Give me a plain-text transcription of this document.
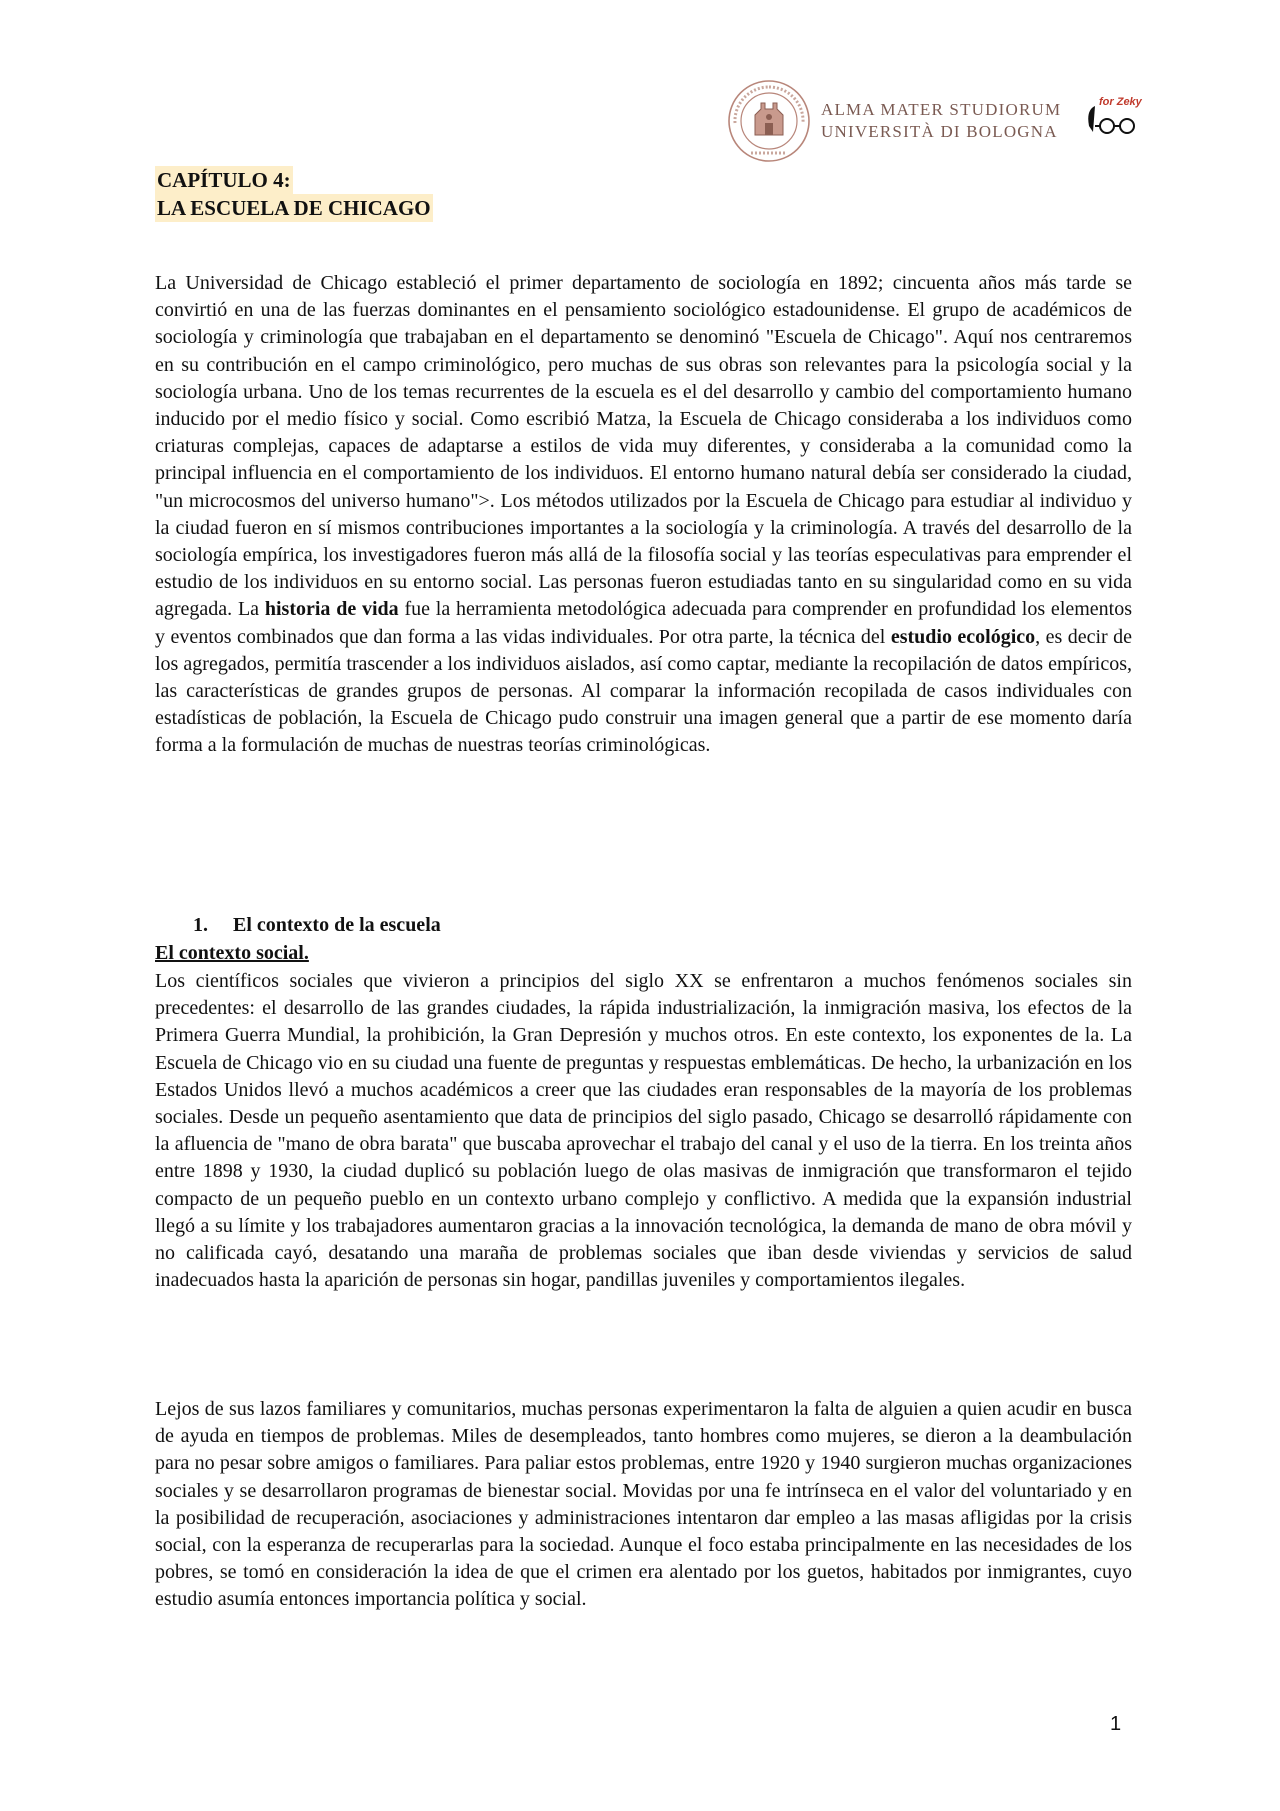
ALMA MATER STUDIORUM
UNIVERSITÀ DI BOLOGNA
for Zeky
CAPÍTULO 4:
LA ESCUELA DE CHICAGO

La Universidad de Chicago estableció el primer departamento de sociología en 1892; cincuenta años más tarde se convirtió en una de las fuerzas dominantes en el pensamiento sociológico estadounidense. El grupo de académicos de sociología y criminología que trabajaban en el departamento se denominó "Escuela de Chicago". Aquí nos centraremos en su contribución en el campo criminológico, pero muchas de sus obras son relevantes para la psicología social y la sociología urbana. Uno de los temas recurrentes de la escuela es el del desarrollo y cambio del comportamiento humano inducido por el medio físico y social. Como escribió Matza, la Escuela de Chicago consideraba a los individuos como criaturas complejas, capaces de adaptarse a estilos de vida muy diferentes, y consideraba a la comunidad como la principal influencia en el comportamiento de los individuos. El entorno humano natural debía ser considerado la ciudad, "un microcosmos del universo humano">. Los métodos utilizados por la Escuela de Chicago para estudiar al individuo y la ciudad fueron en sí mismos contribuciones importantes a la sociología y la criminología. A través del desarrollo de la sociología empírica, los investigadores fueron más allá de la filosofía social y las teorías especulativas para emprender el estudio de los individuos en su entorno social. Las personas fueron estudiadas tanto en su singularidad como en su vida agregada. La historia de vida fue la herramienta metodológica adecuada para comprender en profundidad los elementos y eventos combinados que dan forma a las vidas individuales. Por otra parte, la técnica del estudio ecológico, es decir de los agregados, permitía trascender a los individuos aislados, así como captar, mediante la recopilación de datos empíricos, las características de grandes grupos de personas. Al comparar la información recopilada de casos individuales con estadísticas de población, la Escuela de Chicago pudo construir una imagen general que a partir de ese momento daría forma a la formulación de muchas de nuestras teorías criminológicas.

1. El contexto de la escuela
El contexto social.

Los científicos sociales que vivieron a principios del siglo XX se enfrentaron a muchos fenómenos sociales sin precedentes: el desarrollo de las grandes ciudades, la rápida industrialización, la inmigración masiva, los efectos de la Primera Guerra Mundial, la prohibición, la Gran Depresión y muchos otros. En este contexto, los exponentes de la. La Escuela de Chicago vio en su ciudad una fuente de preguntas y respuestas emblemáticas. De hecho, la urbanización en los Estados Unidos llevó a muchos académicos a creer que las ciudades eran responsables de la mayoría de los problemas sociales. Desde un pequeño asentamiento que data de principios del siglo pasado, Chicago se desarrolló rápidamente con la afluencia de "mano de obra barata" que buscaba aprovechar el trabajo del canal y el uso de la tierra. En los treinta años entre 1898 y 1930, la ciudad duplicó su población luego de olas masivas de inmigración que transformaron el tejido compacto de un pequeño pueblo en un contexto urbano complejo y conflictivo. A medida que la expansión industrial llegó a su límite y los trabajadores aumentaron gracias a la innovación tecnológica, la demanda de mano de obra móvil y no calificada cayó, desatando una maraña de problemas sociales que iban desde viviendas y servicios de salud inadecuados hasta la aparición de personas sin hogar, pandillas juveniles y comportamientos ilegales.

Lejos de sus lazos familiares y comunitarios, muchas personas experimentaron la falta de alguien a quien acudir en busca de ayuda en tiempos de problemas. Miles de desempleados, tanto hombres como mujeres, se dieron a la deambulación para no pesar sobre amigos o familiares. Para paliar estos problemas, entre 1920 y 1940 surgieron muchas organizaciones sociales y se desarrollaron programas de bienestar social. Movidas por una fe intrínseca en el valor del voluntariado y en la posibilidad de recuperación, asociaciones y administraciones intentaron dar empleo a las masas afligidas por la crisis social, con la esperanza de recuperarlas para la sociedad. Aunque el foco estaba principalmente en las necesidades de los pobres, se tomó en consideración la idea de que el crimen era alentado por los guetos, habitados por inmigrantes, cuyo estudio asumía entonces importancia política y social.

1
